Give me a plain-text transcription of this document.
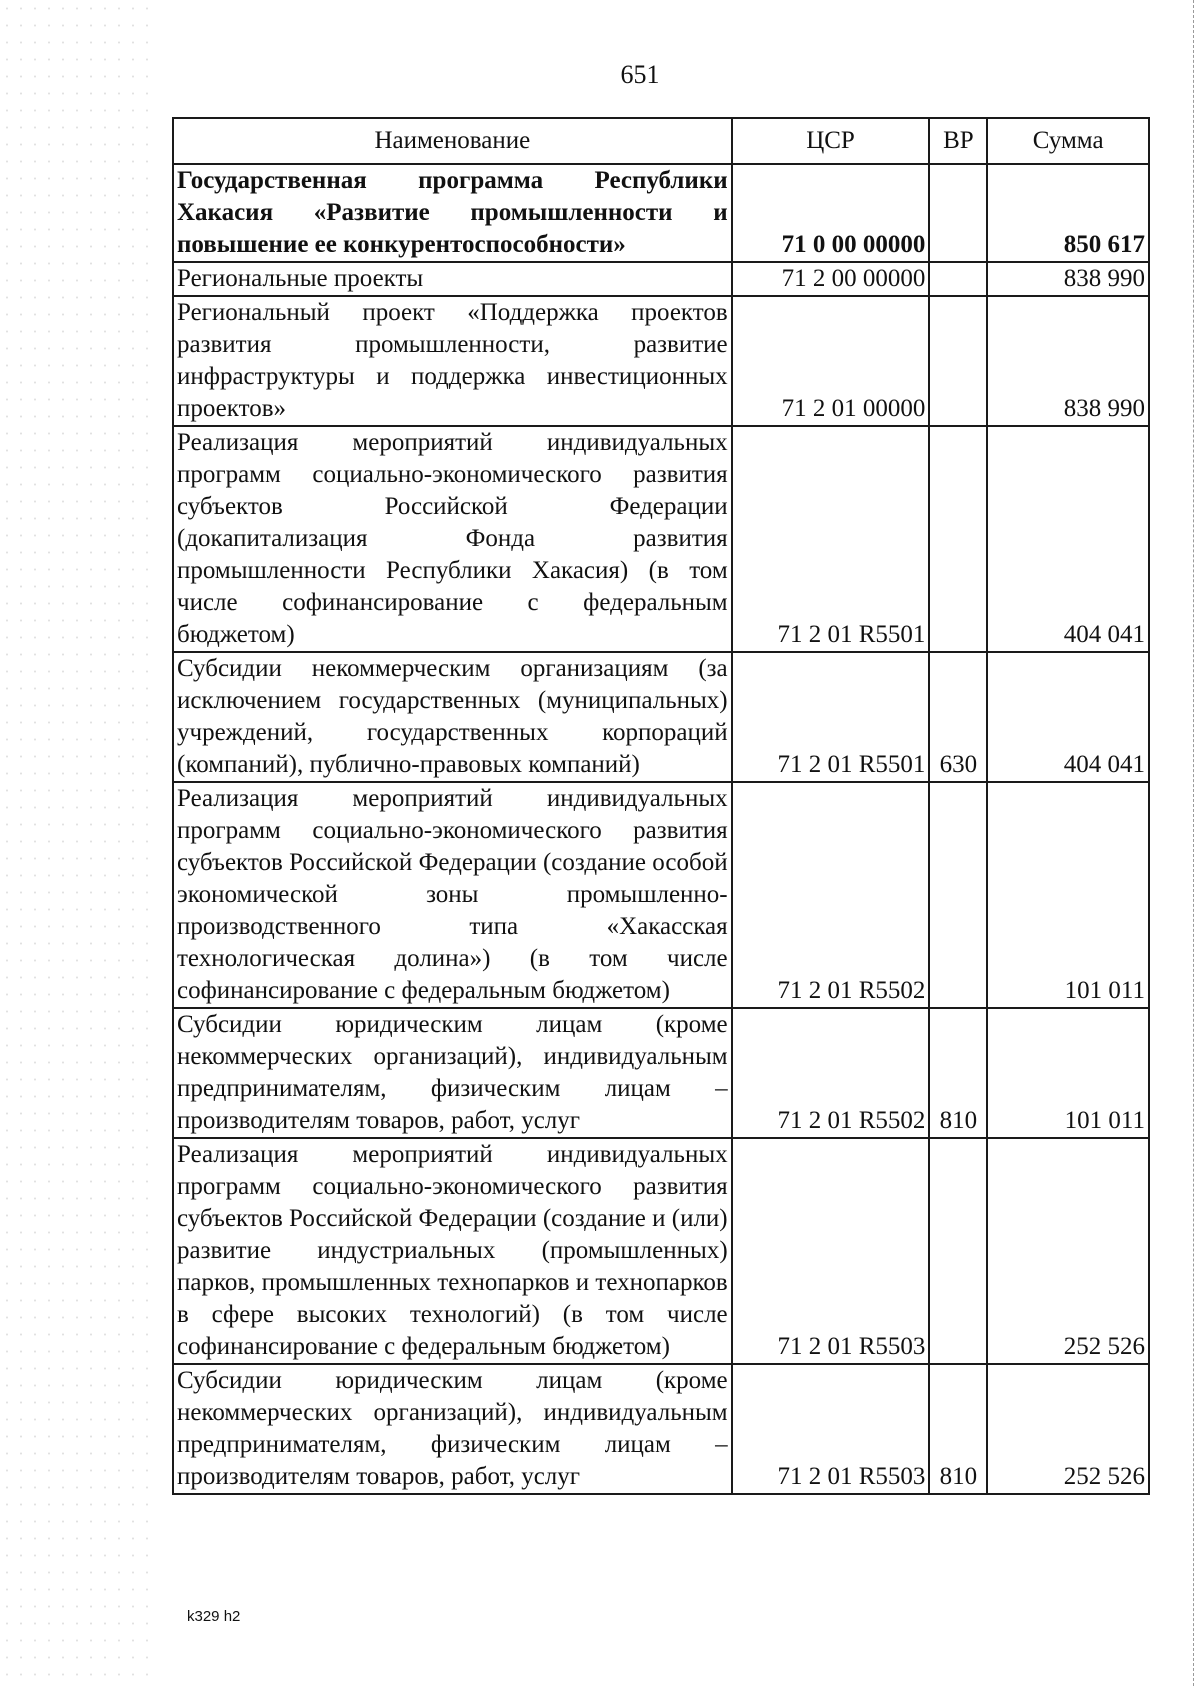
651
Наименование	ЦСР	ВР	Сумма
Государственная программа Республики Хакасия «Развитие промышленности и повышение ее конкурентоспособности»	71 0 00 00000		850 617
Региональные проекты	71 2 00 00000		838 990
Региональный проект «Поддержка проектов развития промышленности, развитие инфраструктуры и поддержка инвестиционных проектов»	71 2 01 00000		838 990
Реализация мероприятий индивидуальных программ социально-экономического развития субъектов Российской Федерации (докапитализация Фонда развития промышленности Республики Хакасия) (в том числе софинансирование с федеральным бюджетом)	71 2 01 R5501		404 041
Субсидии некоммерческим организациям (за исключением государственных (муниципальных) учреждений, государственных корпораций (компаний), публично-правовых компаний)	71 2 01 R5501	630	404 041
Реализация мероприятий индивидуальных программ социально-экономического развития субъектов Российской Федерации (создание особой экономической зоны промышленно-производственного типа «Хакасская технологическая долина») (в том числе софинансирование с федеральным бюджетом)	71 2 01 R5502		101 011
Субсидии юридическим лицам (кроме некоммерческих организаций), индивидуальным предпринимателям, физическим лицам – производителям товаров, работ, услуг	71 2 01 R5502	810	101 011
Реализация мероприятий индивидуальных программ социально-экономического развития субъектов Российской Федерации (создание и (или) развитие индустриальных (промышленных) парков, промышленных технопарков и технопарков в сфере высоких технологий) (в том числе софинансирование с федеральным бюджетом)	71 2 01 R5503		252 526
Субсидии юридическим лицам (кроме некоммерческих организаций), индивидуальным предпринимателям, физическим лицам – производителям товаров, работ, услуг	71 2 01 R5503	810	252 526
k329 h2
